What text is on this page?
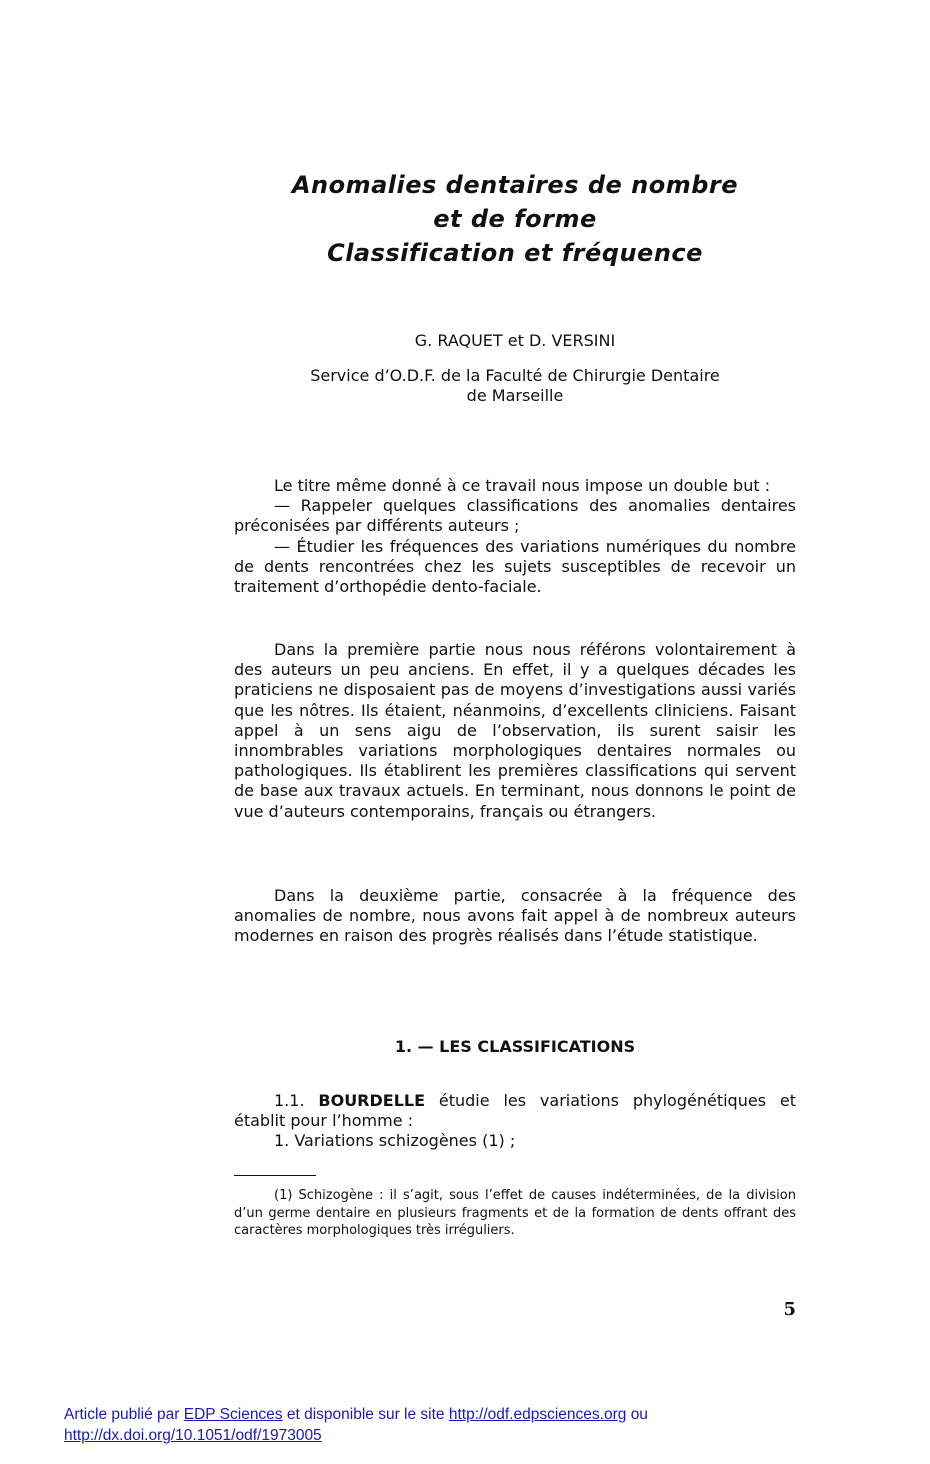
Anomalies dentaires de nombre
et de forme
Classification et fréquence
G. RAQUET et D. VERSINI
Service d’O.D.F. de la Faculté de Chirurgie Dentaire
de Marseille

Le titre même donné à ce travail nous impose un double but :

— Rappeler quelques classifications des anomalies dentaires préconisées par différents auteurs ;

— Étudier les fréquences des variations numériques du nombre de dents rencontrées chez les sujets susceptibles de recevoir un traitement d’orthopédie dento-faciale.

Dans la première partie nous nous référons volontairement à des auteurs un peu anciens. En effet, il y a quelques décades les praticiens ne disposaient pas de moyens d’investigations aussi variés que les nôtres. Ils étaient, néanmoins, d’excellents cliniciens. Faisant appel à un sens aigu de l’observation, ils surent saisir les innombrables variations morphologiques dentaires normales ou pathologiques. Ils établirent les premières classifications qui servent de base aux travaux actuels. En terminant, nous donnons le point de vue d’auteurs contemporains, français ou étrangers.

Dans la deuxième partie, consacrée à la fréquence des anomalies de nombre, nous avons fait appel à de nombreux auteurs modernes en raison des progrès réalisés dans l’étude statistique.

1. — LES CLASSIFICATIONS

1.1. BOURDELLE étudie les variations phylogénétiques et établit pour l’homme :

1. Variations schizogènes (1) ;

(1) Schizogène : il s’agit, sous l’effet de causes indéterminées, de la division d’un germe dentaire en plusieurs fragments et de la formation de dents offrant des caractères morphologiques très irréguliers.

5
Article publié par EDP Sciences et disponible sur le site http://odf.edpsciences.org ou
http://dx.doi.org/10.1051/odf/1973005
